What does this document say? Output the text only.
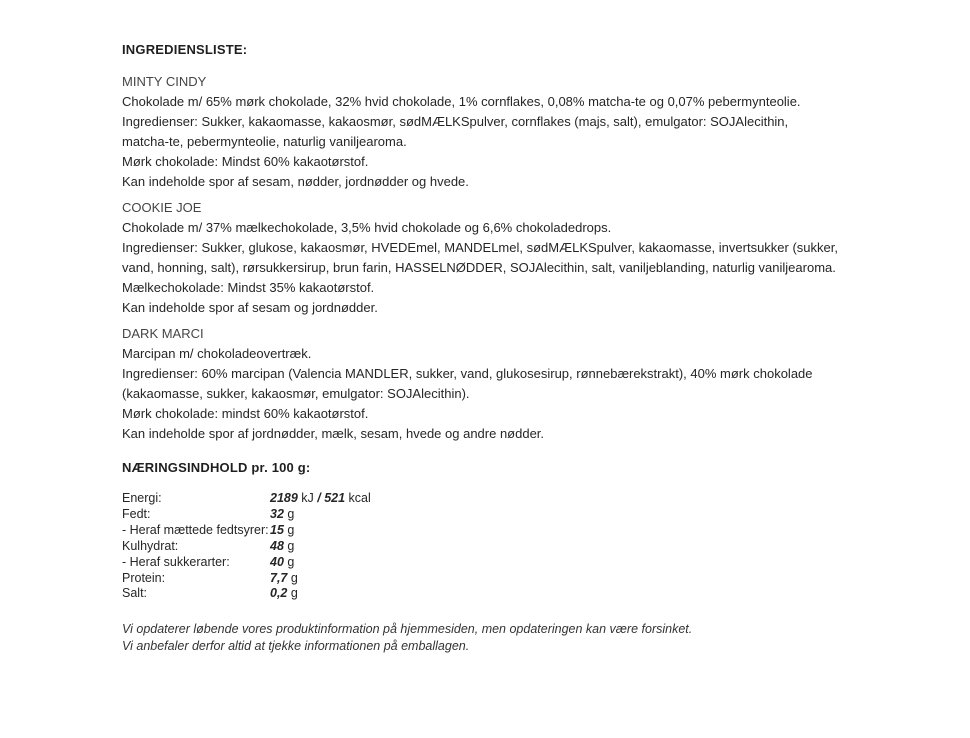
INGREDIENSLISTE:
MINTY CINDY
Chokolade m/ 65% mørk chokolade, 32% hvid chokolade, 1% cornflakes, 0,08% matcha-te og 0,07% pebermynteolie.
Ingredienser: Sukker, kakaomasse, kakaosmør, sødMÆLKSpulver, cornflakes (majs, salt), emulgator: SOJAlecithin,
matcha-te, pebermynteolie, naturlig vaniljearoma.
Mørk chokolade: Mindst 60% kakaotørstof.
Kan indeholde spor af sesam, nødder, jordnødder og hvede.
COOKIE JOE
Chokolade m/ 37% mælkechokolade, 3,5% hvid chokolade og 6,6% chokoladedrops.
Ingredienser: Sukker, glukose, kakaosmør, HVEDEmel, MANDELmel, sødMÆLKSpulver, kakaomasse, invertsukker (sukker,
vand, honning, salt), rørsukkersirup, brun farin, HASSELNØDDER, SOJAlecithin, salt, vaniljeblanding, naturlig vaniljearoma.
Mælkechokolade: Mindst 35% kakaotørstof.
Kan indeholde spor af sesam og jordnødder.
DARK MARCI
Marcipan m/ chokoladeovertræk.
Ingredienser: 60% marcipan (Valencia MANDLER, sukker, vand, glukosesirup, rønnebærekstrakt), 40% mørk chokolade
(kakaomasse, sukker, kakaosmør, emulgator: SOJAlecithin).
Mørk chokolade: mindst 60% kakaotørstof.
Kan indeholde spor af jordnødder, mælk, sesam, hvede og andre nødder.
NÆRINGSINDHOLD pr. 100 g:
Energi:	2189 kJ / 521 kcal
Fedt:	32 g
- Heraf mættede fedtsyrer: 15 g
Kulhydrat:	48 g
- Heraf sukkerarter:	40 g
Protein:	7,7 g
Salt:	0,2 g
Vi opdaterer løbende vores produktinformation på hjemmesiden, men opdateringen kan være forsinket.
Vi anbefaler derfor altid at tjekke informationen på emballagen.
